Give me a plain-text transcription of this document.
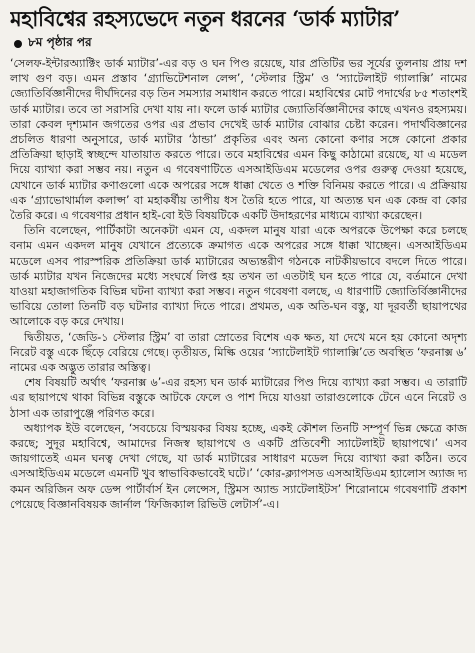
মহাবিশ্বের রহস্যভেদে নতুন ধরনের ‘ডার্ক ম্যাটার’
৮ম পৃষ্ঠার পর

‘সেলফ-ইন্টারঅ্যাক্টিং ডার্ক ম্যাটার’-এর বড় ও ঘন পিণ্ড রয়েছে, যার প্রতিটির ভর সূর্যের তুলনায় প্রায় দশ লাখ গুণ বড়। এমন প্রস্তাব ‘গ্র্যাভিটেশনাল লেন্স’, ‘স্টেলার স্ট্রিম’ ও ‘স্যাটেলাইট গ্যালাক্সি’ নামের জ্যোতির্বিজ্ঞানীদের দীর্ঘদিনের বড় তিন সমস্যার সমাধান করতে পারে। মহাবিশ্বের মোট পদার্থের ৮৫ শতাংশই ডার্ক ম্যাটার। তবে তা সরাসরি দেখা যায় না। ফলে ডার্ক ম্যাটার জ্যোতির্বিজ্ঞানীদের কাছে এখনও রহস্যময়। তারা কেবল দৃশ্যমান জগতের ওপর এর প্রভাব দেখেই ডার্ক ম্যাটার বোঝার চেষ্টা করেন। পদার্থবিজ্ঞানের প্রচলিত ধারণা অনুসারে, ডার্ক ম্যাটার ‘ঠান্ডা’ প্রকৃতির এবং অন্য কোনো কণার সঙ্গে কোনো প্রকার প্রতিক্রিয়া ছাড়াই স্বচ্ছন্দে যাতায়াত করতে পারে। তবে মহাবিশ্বের এমন কিছু কাঠামো রয়েছে, যা এ মডেল দিয়ে ব্যাখ্যা করা সম্ভব নয়। নতুন এ গবেষণাটিতে এসআইডিএম মডেলের ওপর গুরুত্ব দেওয়া হয়েছে, যেখানে ডার্ক ম্যাটার কণাগুলো একে অপরের সঙ্গে ধাক্কা খেতে ও শক্তি বিনিময় করতে পারে। এ প্রক্রিয়ায় এক ‘গ্র্যাভোথার্মাল কলাপ্স’ বা মহাকর্ষীয় তাপীয় ধস তৈরি হতে পারে, যা অত্যন্ত ঘন এক কেন্দ্র বা কোর তৈরি করে। এ গবেষণার প্রধান হাই-বো ইউ বিষয়টিকে একটি উদাহরণের মাধ্যমে ব্যাখ্যা করেছেন।

তিনি বলেছেন, পার্টিকাটা অনেকটা এমন যে, একদল মানুষ যারা একে অপরকে উপেক্ষা করে চলছে বনাম এমন একদল মানুষ যেখানে প্রত্যেকে ক্রমাগত একে অপরের সঙ্গে ধাক্কা খাচ্ছেন। এসআইডিএম মডেলে এসব পারস্পরিক প্রতিক্রিয়া ডার্ক ম্যাটারের অভ্যন্তরীণ গঠনকে নাটকীয়ভাবে বদলে দিতে পারে। ডার্ক ম্যাটার যখন নিজেদের মধ্যে সংঘর্ষে লিপ্ত হয় তখন তা এতটাই ঘন হতে পারে যে, বর্তমানে দেখা যাওয়া মহাজাগতিক বিভিন্ন ঘটনা ব্যাখ্যা করা সম্ভব। নতুন গবেষণা বলছে, এ ধারণাটি জ্যোতির্বিজ্ঞানীদের ভাবিয়ে তোলা তিনটি বড় ঘটনার ব্যাখ্যা দিতে পারে। প্রথমত, এক অতি-ঘন বস্তু, যা দূরবর্তী ছায়াপথের আলোকে বড় করে দেখায়।

দ্বিতীয়ত, ‘জেডি-১ স্টেলার স্ট্রিম’ বা তারা স্রোতের বিশেষ এক ক্ষত, যা দেখে মনে হয় কোনো অদৃশ্য নিরেট বস্তু একে ছিঁড়ে বেরিয়ে গেছে। তৃতীয়ত, মিল্কি ওয়ের ‘স্যাটেলাইট গ্যালাক্সি’তে অবস্থিত ‘ফরনাক্স ৬’ নামের এক অদ্ভুত তারার অস্তিত্ব।

শেষ বিষয়টি অর্থাৎ ‘ফরনাক্স ৬’-এর রহস্য ঘন ডার্ক ম্যাটারের পিণ্ড দিয়ে ব্যাখ্যা করা সম্ভব। এ তারাটি এর ছায়াপথে থাকা বিভিন্ন বস্তুকে আটকে ফেলে ও পাশ দিয়ে যাওয়া তারাগুলোকে টেনে এনে নিরেট ও ঠাসা এক তারাপুঞ্জে পরিণত করে।

অধ্যাপক ইউ বলেছেন, ‘সবচেয়ে বিস্ময়কর বিষয় হচ্ছে, একই কৌশল তিনটি সম্পূর্ণ ভিন্ন ক্ষেত্রে কাজ করছে; সুদূর মহাবিশ্বে, আমাদের নিজস্ব ছায়াপথে ও একটি প্রতিবেশী স্যাটেলাইট ছায়াপথে।’ এসব জায়গাতেই এমন ঘনত্ব দেখা গেছে, যা ডার্ক ম্যাটারের সাধারণ মডেল দিয়ে ব্যাখ্যা করা কঠিন। তবে এসআইডিএম মডেলে এমনটি খুব স্বাভাবিকভাবেই ঘটে।’ ‘কোর-ক্ল্যাপসড এসআইডিএম হ্যালোস অ্যাজ দ্য কমন অরিজিন অফ ডেন্স পার্টার্বার্স ইন লেন্সেস, স্ট্রিমস অ্যান্ড স্যাটেলাইটস’ শিরোনামে গবেষণাটি প্রকাশ পেয়েছে বিজ্ঞানবিষয়ক জার্নাল ‘ফিজিক্যাল রিভিউ লেটার্স’-এ।
